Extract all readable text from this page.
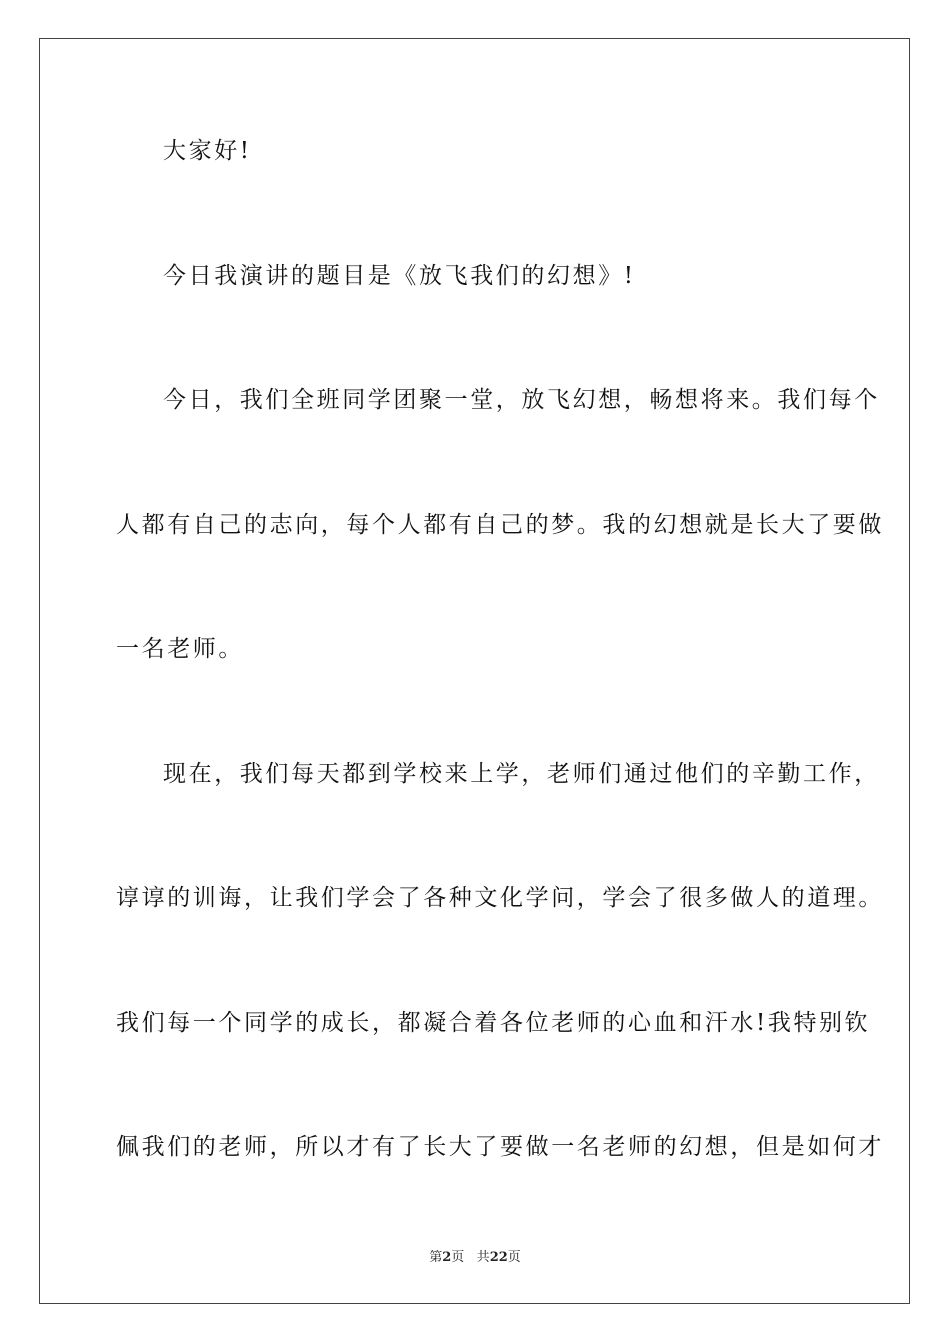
大家好!
今日我演讲的题目是《放飞我们的幻想》!
今日，我们全班同学团聚一堂，放飞幻想，畅想将来。我们每个
人都有自己的志向，每个人都有自己的梦。我的幻想就是长大了要做
一名老师。
现在，我们每天都到学校来上学，老师们通过他们的辛勤工作，
谆谆的训诲，让我们学会了各种文化学问，学会了很多做人的道理。
我们每一个同学的成长，都凝合着各位老师的心血和汗水!我特别钦
佩我们的老师，所以才有了长大了要做一名老师的幻想，但是如何才
第2页 共22页
